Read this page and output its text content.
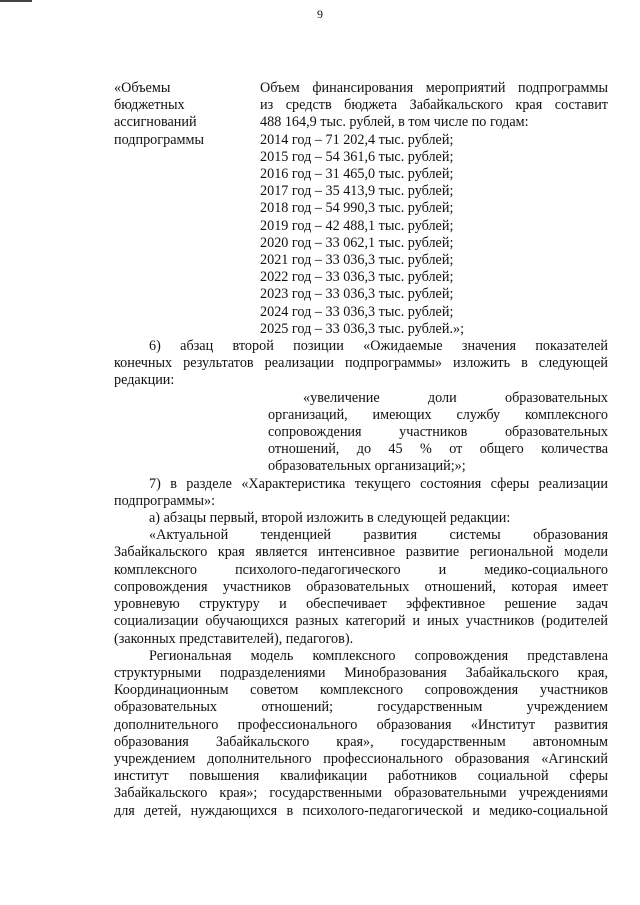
9
«Объемы
бюджетных
ассигнований
подпрограммы
Объем финансирования мероприятий подпрограммы
из средств бюджета Забайкальского края составит
488 164,9 тыс. рублей, в том числе по годам:
2014 год – 71 202,4 тыс. рублей;
2015 год – 54 361,6 тыс. рублей;
2016 год – 31 465,0 тыс. рублей;
2017 год – 35 413,9 тыс. рублей;
2018 год – 54 990,3 тыс. рублей;
2019 год – 42 488,1 тыс. рублей;
2020 год – 33 062,1 тыс. рублей;
2021 год – 33 036,3 тыс. рублей;
2022 год – 33 036,3 тыс. рублей;
2023 год – 33 036,3 тыс. рублей;
2024 год – 33 036,3 тыс. рублей;
2025 год – 33 036,3 тыс. рублей.»;
6) абзац второй позиции «Ожидаемые значения показателей
конечных результатов реализации подпрограммы» изложить в следующей
редакции:
«увеличение доли образовательных
организаций, имеющих службу комплексного
сопровождения участников образовательных
отношений, до 45 % от общего количества
образовательных организаций;»;
7) в разделе «Характеристика текущего состояния сферы реализации
подпрограммы»:
а) абзацы первый, второй изложить в следующей редакции:
«Актуальной тенденцией развития системы образования
Забайкальского края является интенсивное развитие региональной модели
комплексного психолого-педагогического и медико-социального
сопровождения участников образовательных отношений, которая имеет
уровневую структуру и обеспечивает эффективное решение задач
социализации обучающихся разных категорий и иных участников (родителей
(законных представителей), педагогов).
Региональная модель комплексного сопровождения представлена
структурными подразделениями Минобразования Забайкальского края,
Координационным советом комплексного сопровождения участников
образовательных отношений; государственным учреждением
дополнительного профессионального образования «Институт развития
образования Забайкальского края», государственным автономным
учреждением дополнительного профессионального образования «Агинский
институт повышения квалификации работников социальной сферы
Забайкальского края»; государственными образовательными учреждениями
для детей, нуждающихся в психолого-педагогической и медико-социальной
